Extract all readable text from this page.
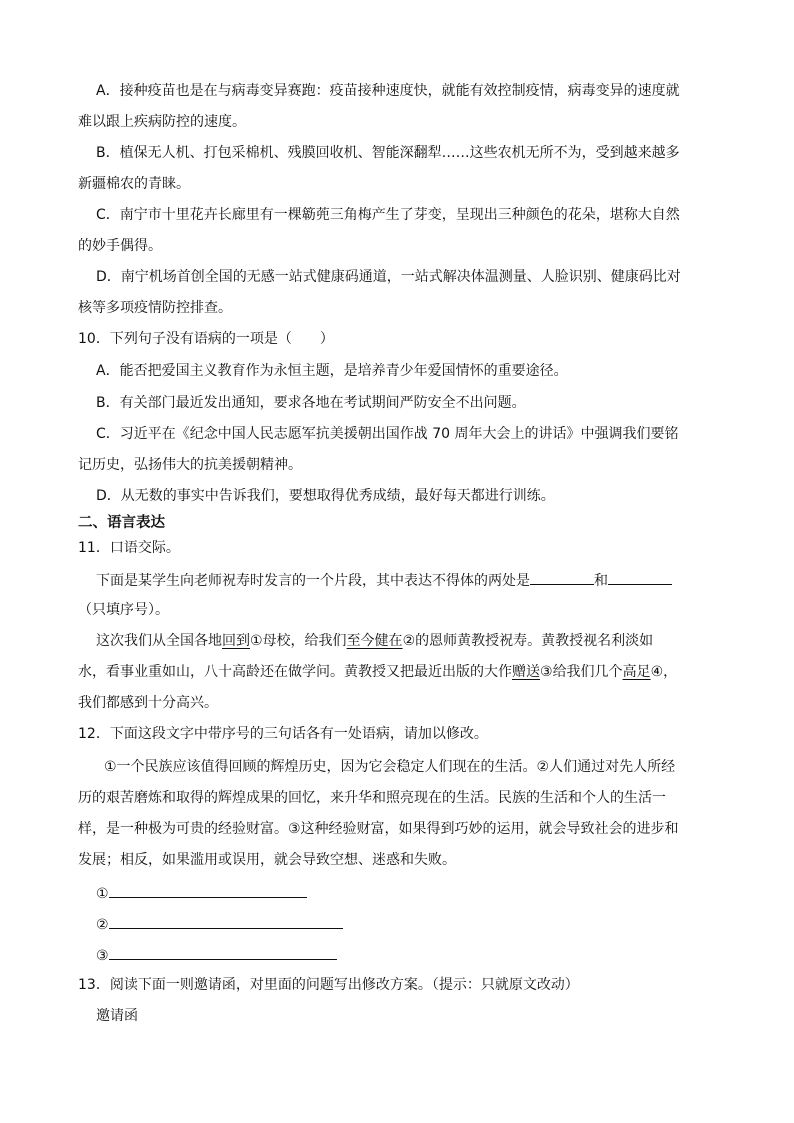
A．接种疫苗也是在与病毒变异赛跑：疫苗接种速度快，就能有效控制疫情，病毒变异的速度就
难以跟上疾病防控的速度。
B．植保无人机、打包采棉机、残膜回收机、智能深翻犁……这些农机无所不为，受到越来越多
新疆棉农的青睐。
C．南宁市十里花卉长廊里有一棵簕蔸三角梅产生了芽变，呈现出三种颜色的花朵，堪称大自然
的妙手偶得。
D．南宁机场首创全国的无感一站式健康码通道，一站式解决体温测量、人脸识别、健康码比对
核等多项疫情防控排查。
10．下列句子没有语病的一项是（　　）
A．能否把爱国主义教育作为永恒主题，是培养青少年爱国情怀的重要途径。
B．有关部门最近发出通知，要求各地在考试期间严防安全不出问题。
C．习近平在《纪念中国人民志愿军抗美援朝出国作战 70 周年大会上的讲话》中强调我们要铭
记历史，弘扬伟大的抗美援朝精神。
D．从无数的事实中告诉我们，要想取得优秀成绩，最好每天都进行训练。
二、语言表达
11．口语交际。
下面是某学生向老师祝寿时发言的一个片段，其中表达不得体的两处是	和
（只填序号）。
这次我们从全国各地回到①母校，给我们至今健在②的恩师黄教授祝寿。黄教授视名利淡如
水，看事业重如山，八十高龄还在做学问。黄教授又把最近出版的大作赠送③给我们几个高足④，
我们都感到十分高兴。
12．下面这段文字中带序号的三句话各有一处语病，请加以修改。
①一个民族应该值得回顾的辉煌历史，因为它会稳定人们现在的生活。②人们通过对先人所经
历的艰苦磨炼和取得的辉煌成果的回忆，来升华和照亮现在的生活。民族的生活和个人的生活一
样，是一种极为可贵的经验财富。③这种经验财富，如果得到巧妙的运用，就会导致社会的进步和
发展；相反，如果滥用或误用，就会导致空想、迷惑和失败。
①
②
③
13．阅读下面一则邀请函，对里面的问题写出修改方案。（提示：只就原文改动）
邀请函
